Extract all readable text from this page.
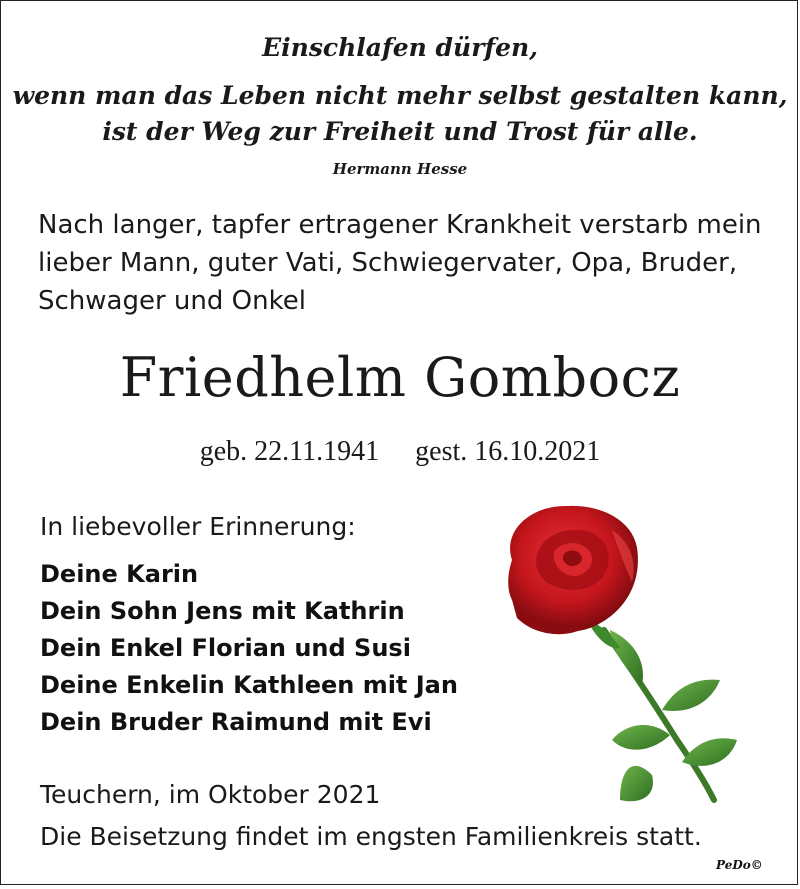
Einschlafen dürfen,
wenn man das Leben nicht mehr selbst gestalten kann,
ist der Weg zur Freiheit und Trost für alle.
Hermann Hesse
Nach langer, tapfer ertragener Krankheit verstarb mein
lieber Mann, guter Vati, Schwiegervater, Opa, Bruder,
Schwager und Onkel
Friedhelm Gombocz
geb. 22.11.1941 gest. 16.10.2021
In liebevoller Erinnerung:
Deine Karin
Dein Sohn Jens mit Kathrin
Dein Enkel Florian und Susi
Deine Enkelin Kathleen mit Jan
Dein Bruder Raimund mit Evi
Teuchern, im Oktober 2021
Die Beisetzung findet im engsten Familienkreis statt.
PeDo©
